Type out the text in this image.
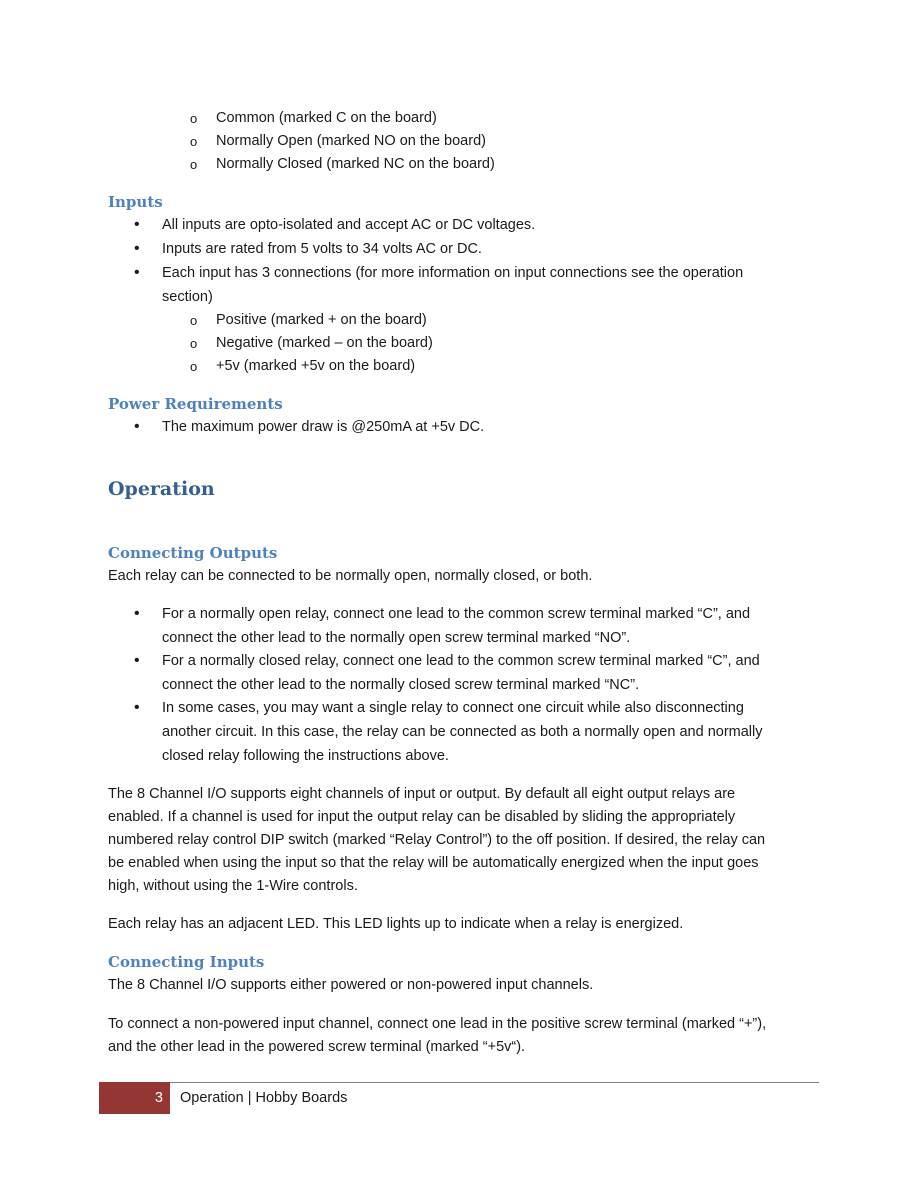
o Common (marked C on the board)
o Normally Open (marked NO on the board)
o Normally Closed (marked NC on the board)
Inputs
• All inputs are opto-isolated and accept AC or DC voltages.
• Inputs are rated from 5 volts to 34 volts AC or DC.
• Each input has 3 connections (for more information on input connections see the operation
section)
o Positive (marked + on the board)
o Negative (marked – on the board)
o +5v (marked +5v on the board)
Power Requirements
• The maximum power draw is @250mA at +5v DC.
Operation
Connecting Outputs
Each relay can be connected to be normally open, normally closed, or both.
• For a normally open relay, connect one lead to the common screw terminal marked “C”, and
connect the other lead to the normally open screw terminal marked “NO”.
• For a normally closed relay, connect one lead to the common screw terminal marked “C”, and
connect the other lead to the normally closed screw terminal marked “NC”.
• In some cases, you may want a single relay to connect one circuit while also disconnecting
another circuit. In this case, the relay can be connected as both a normally open and normally
closed relay following the instructions above.
The 8 Channel I/O supports eight channels of input or output. By default all eight output relays are
enabled. If a channel is used for input the output relay can be disabled by sliding the appropriately
numbered relay control DIP switch (marked “Relay Control”) to the off position. If desired, the relay can
be enabled when using the input so that the relay will be automatically energized when the input goes
high, without using the 1-Wire controls.
Each relay has an adjacent LED. This LED lights up to indicate when a relay is energized.
Connecting Inputs
The 8 Channel I/O supports either powered or non-powered input channels.
To connect a non-powered input channel, connect one lead in the positive screw terminal (marked “+”),
and the other lead in the powered screw terminal (marked “+5v“).
3 Operation | Hobby Boards
